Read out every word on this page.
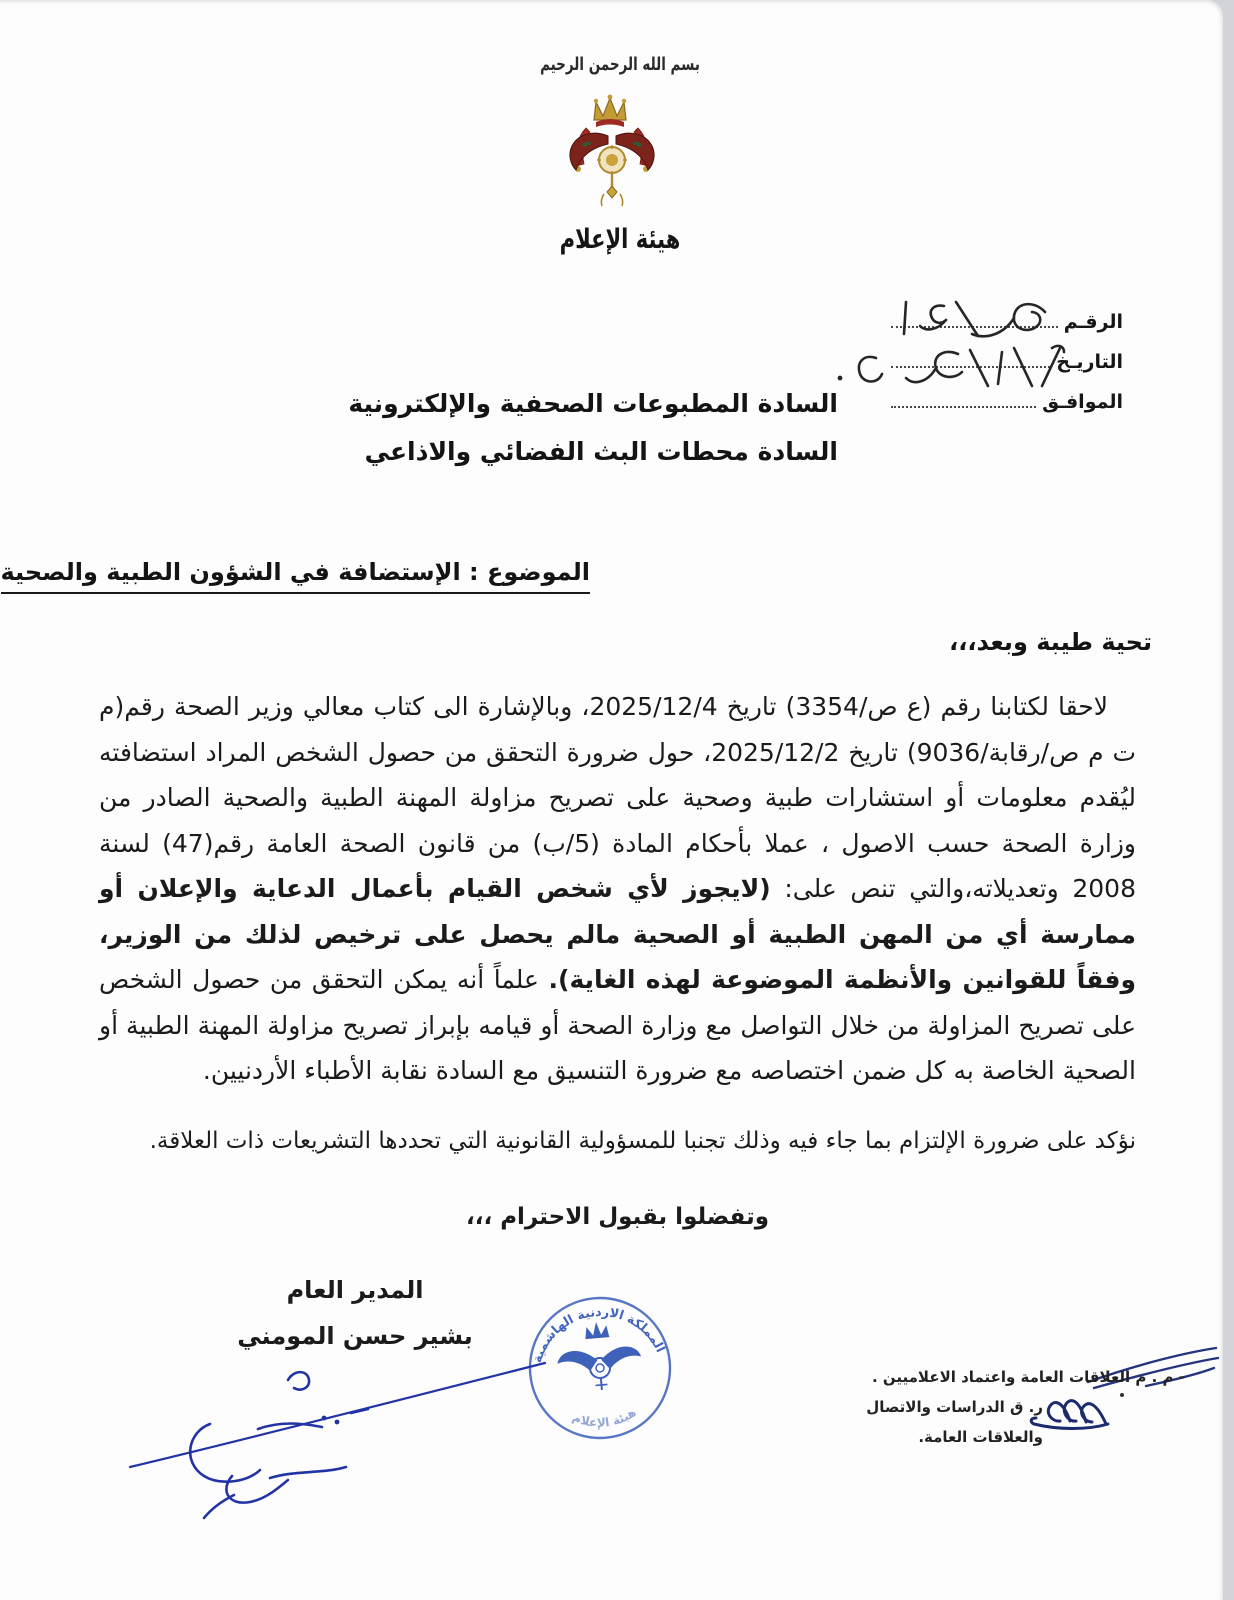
بسم الله الرحمن الرحيم
هيئة الإعلام
الرقـم
التاريـخ
الموافـق
السادة المطبوعات الصحفية والإلكترونية
السادة محطات البث الفضائي والاذاعي
الموضوع : الإستضافة في الشؤون الطبية والصحية
تحية طيبة وبعد،،،
لاحقا لكتابنا رقم (ع ص/3354) تاريخ 2025/12/4، وبالإشارة الى كتاب معالي وزير الصحة رقم(م ت م ص/رقابة/9036) تاريخ 2025/12/2، حول ضرورة التحقق من حصول الشخص المراد استضافته ليُقدم معلومات أو استشارات طبية وصحية على تصريح مزاولة المهنة الطبية والصحية الصادر من وزارة الصحة حسب الاصول ، عملا بأحكام المادة (5/ب) من قانون الصحة العامة رقم(47) لسنة 2008 وتعديلاته،والتي تنص على: (لايجوز لأي شخص القيام بأعمال الدعاية والإعلان أو ممارسة أي من المهن الطبية أو الصحية مالم يحصل على ترخيص لذلك من الوزير، وفقاً للقوانين والأنظمة الموضوعة لهذه الغاية). علماً أنه يمكن التحقق من حصول الشخص على تصريح المزاولة من خلال التواصل مع وزارة الصحة أو قيامه بإبراز تصريح مزاولة المهنة الطبية أو الصحية الخاصة به كل ضمن اختصاصه مع ضرورة التنسيق مع السادة نقابة الأطباء الأردنيين.
نؤكد على ضرورة الإلتزام بما جاء فيه وذلك تجنبا للمسؤولية القانونية التي تحددها التشريعات ذات العلاقة.
وتفضلوا بقبول الاحترام ،،،
المدير العام
بشير حسن المومني
المملكة الاردنية الهاشمية
هيئة الإعلام
- م . م العلاقات العامة واعتماد الاعلاميين .
ر. ق الدراسات والاتصال والعلاقات العامة.
